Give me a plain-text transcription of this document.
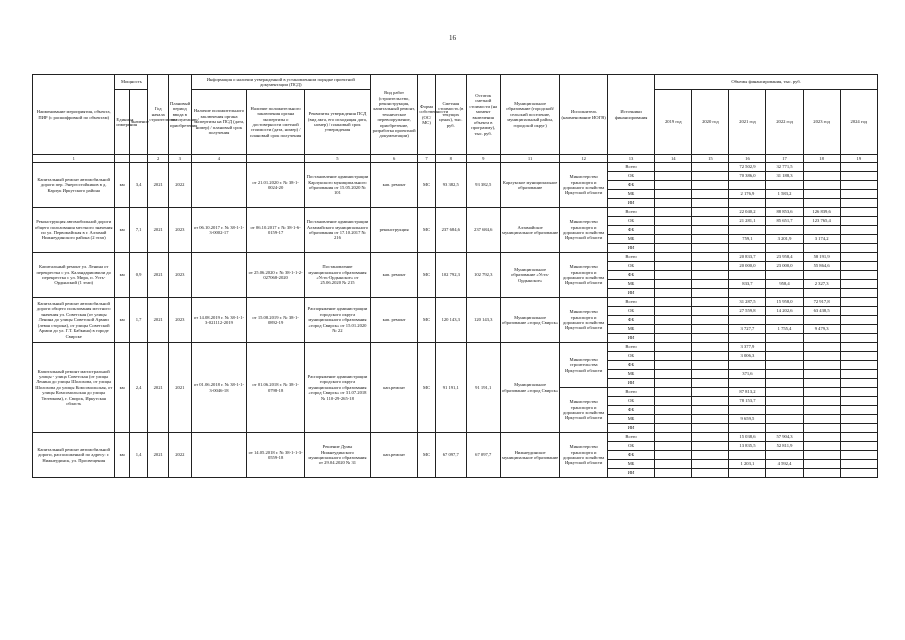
16
Наименование мероприятия, объекта, ПИР (с расшифровкой по объектам)	Мощность		Год начала строительства	Плановый период ввода в эксплуатацию/приобретения	Информация о наличии утвержденной в установленном порядке проектной документации (ПСД)			Вид работ (строительство, реконструкция, капитальный ремонт, техническое перевооружение, приобретение, разработка проектной документации)	Форма собственности (ОС/МС)	Сметная стоимость (в текущих ценах), тыс. руб.	Остаток сметной стоимости (на момент включения объекта в программу), тыс. руб.	Муниципальное образование (городской/сельский поселение, муниципальный район, городской округ)	Исполнитель (наименование ИОГВ)	Источники финансирования	Объемы финансирования, тыс. руб.					
	Единица измерения	Значение			Наличие положительного заключения органа экспертизы на ПСД (дата, номер) / плановый срок получения	Наличие положительного заключения органа экспертизы о достоверности сметной стоимости (дата, номер) / плановый срок получения	Реквизиты утверждения ПСД (вид акта, его исходящая дата, номер) / плановый срок утверждения								2019 год	2020 год	2021 год	2022 год	2023 год	2024 год

1			2	3	4		5	6	7	8	9	11	12	13	14	15	16	17	18	19
Капитальный ремонт автомобильной дороги пер. Энергостойкиков в д. Карлук Иркутского района	км	3,4	2021	2022		от 21.01.2020 г. № 38-1-0024-20	Постановление администрации Карлукского муниципального образования от 15.05.2020 № 101	кап. ремонт	МС	93 382,5	93 382,5	Карлукское муниципальное образование	Министерство транспорта и дорожного хозяйства Иркутской области	Всего			72 502,9	32 771,5		
														ОБ			70 386,0	31 188,3		
														ФБ						
														МБ			2 176,9	1 583,2		
														ИИ						
Реконструкция автомобильной дороги общего пользования местного значения по ул. Первомайская в г. Алзамай Нижнеудинского района (2 этап)	км	7,1	2021	2023	от 06.10.2017 г. № 38-1-1-3-0002-17	от 06.10.2017 г. № 38-1-6-0159-17	Постановление администрации Алзамайского муниципального образования от 17.10.2017 № 216	реконструкция	МС	237 684,6	237 684,6	Алзамайское муниципальное образование	Министерство транспорта и дорожного хозяйства Иркутской области	Всего			22 040,2	88 853,6	126 839,6	
														ОБ			21 281,1	85 651,7	123 765,4	
														ФБ						
														МБ			759,1	3 201,9	3 174,2	
														ИИ						
Капитальный ремонт ул. Ленина от перекрестка с ул. Каландаришвили до перекрестка с ул. Мира, п. Усть-Ордынский (1 этап)	км	0,9	2021	2023		от 25.06.2020 г. № 38-1-1-2-027068-2020	Постановление муниципального образования «Усть-Ордынское» от 25.06.2020 № 215	кап. ремонт	МС	102 792,3	102 792,3	Муниципальное образование «Усть-Ордынское»	Министерство транспорта и дорожного хозяйства Иркутской области	Всего			20 833,7	23 958,4	58 191,9	
														ОБ			20 000,0	23 000,0	55 864,6	
														ФБ						
														МБ			833,7	958,4	2 327,3	
														ИИ						
Капитальный ремонт автомобильной дороги общего пользования местного значения ул. Советская (от улицы Ленина до улицы Советской Армии (левая сторона), от улицы Советской Армии до ул. Г.Т. Бабкина) в городе Свирске	км	1,7	2021	2023	от 14.08.2019 г. № 38-1-1-3-021112-2019	от 15.08.2019 г. № 38-1-0892-19	Распоряжение администрации городского округа муниципального образования «город Свирск» от 15.01.2020 № 22	кап. ремонт	МС	120 143,3	120 143,3	Муниципальное образование «город Свирск»	Министерство транспорта и дорожного хозяйства Иркутской области	Всего			31 287,5	15 958,0	72 917,8	
														ОБ			27 559,8	14 202,6	63 438,5	
														ФБ						
														МБ			3 727,7	1 755,4	9 479,3	
														ИИ						
Капитальный ремонт магистральной улицы - улица Советская (от улицы Ленина до улицы Шолохова, от улицы Шолохова до улицы Комсомольская, от улицы Комсомольская до улицы Тютюкова), г. Свирск, Иркутская область	км	2,4	2021	2021	от 01.06.2018 г. № 38-1-1-3-0046-18	от 01.06.2018 г. № 38-1-0798-18	Распоряжение администрации городского округа муниципального образования «город Свирск» от 31.07.2018 № 110-29-265-18	кап.ремонт	МС	91 191,1	91 191,1	Муниципальное образование «город Свирск»	Министерство строительства Иркутской области	Всего			3 377,9			
														ОБ			3 006,3			
														ФБ						
														МБ			371,6			
														ИИ						
													Министерство транспорта и дорожного хозяйства Иркутской области	Всего			87 813,2			
														ОБ			78 153,7			
														ФБ						
														МБ			9 659,5			
														ИИ						
Капитальный ремонт автомобильной дороги, расположенной по адресу: г. Нижнеудинск, ул. Просвещения	км	1,4	2021	2022		от 14.05.2018 г. № 38-1-1-3-0559-18	Решение Думы Нижнеудинского муниципального образования от 29.04.2020 № 31	кап.ремонт	МС	67 097,7	67 097,7	Нижнеудинское муниципальное образование	Министерство транспорта и дорожного хозяйства Иркутской области	Всего			15 038,6	57 904,3		
														ОБ			13 835,5	52 811,9		
														ФБ						
														МБ			1 203,1	4 592,4		
														ИИ						
